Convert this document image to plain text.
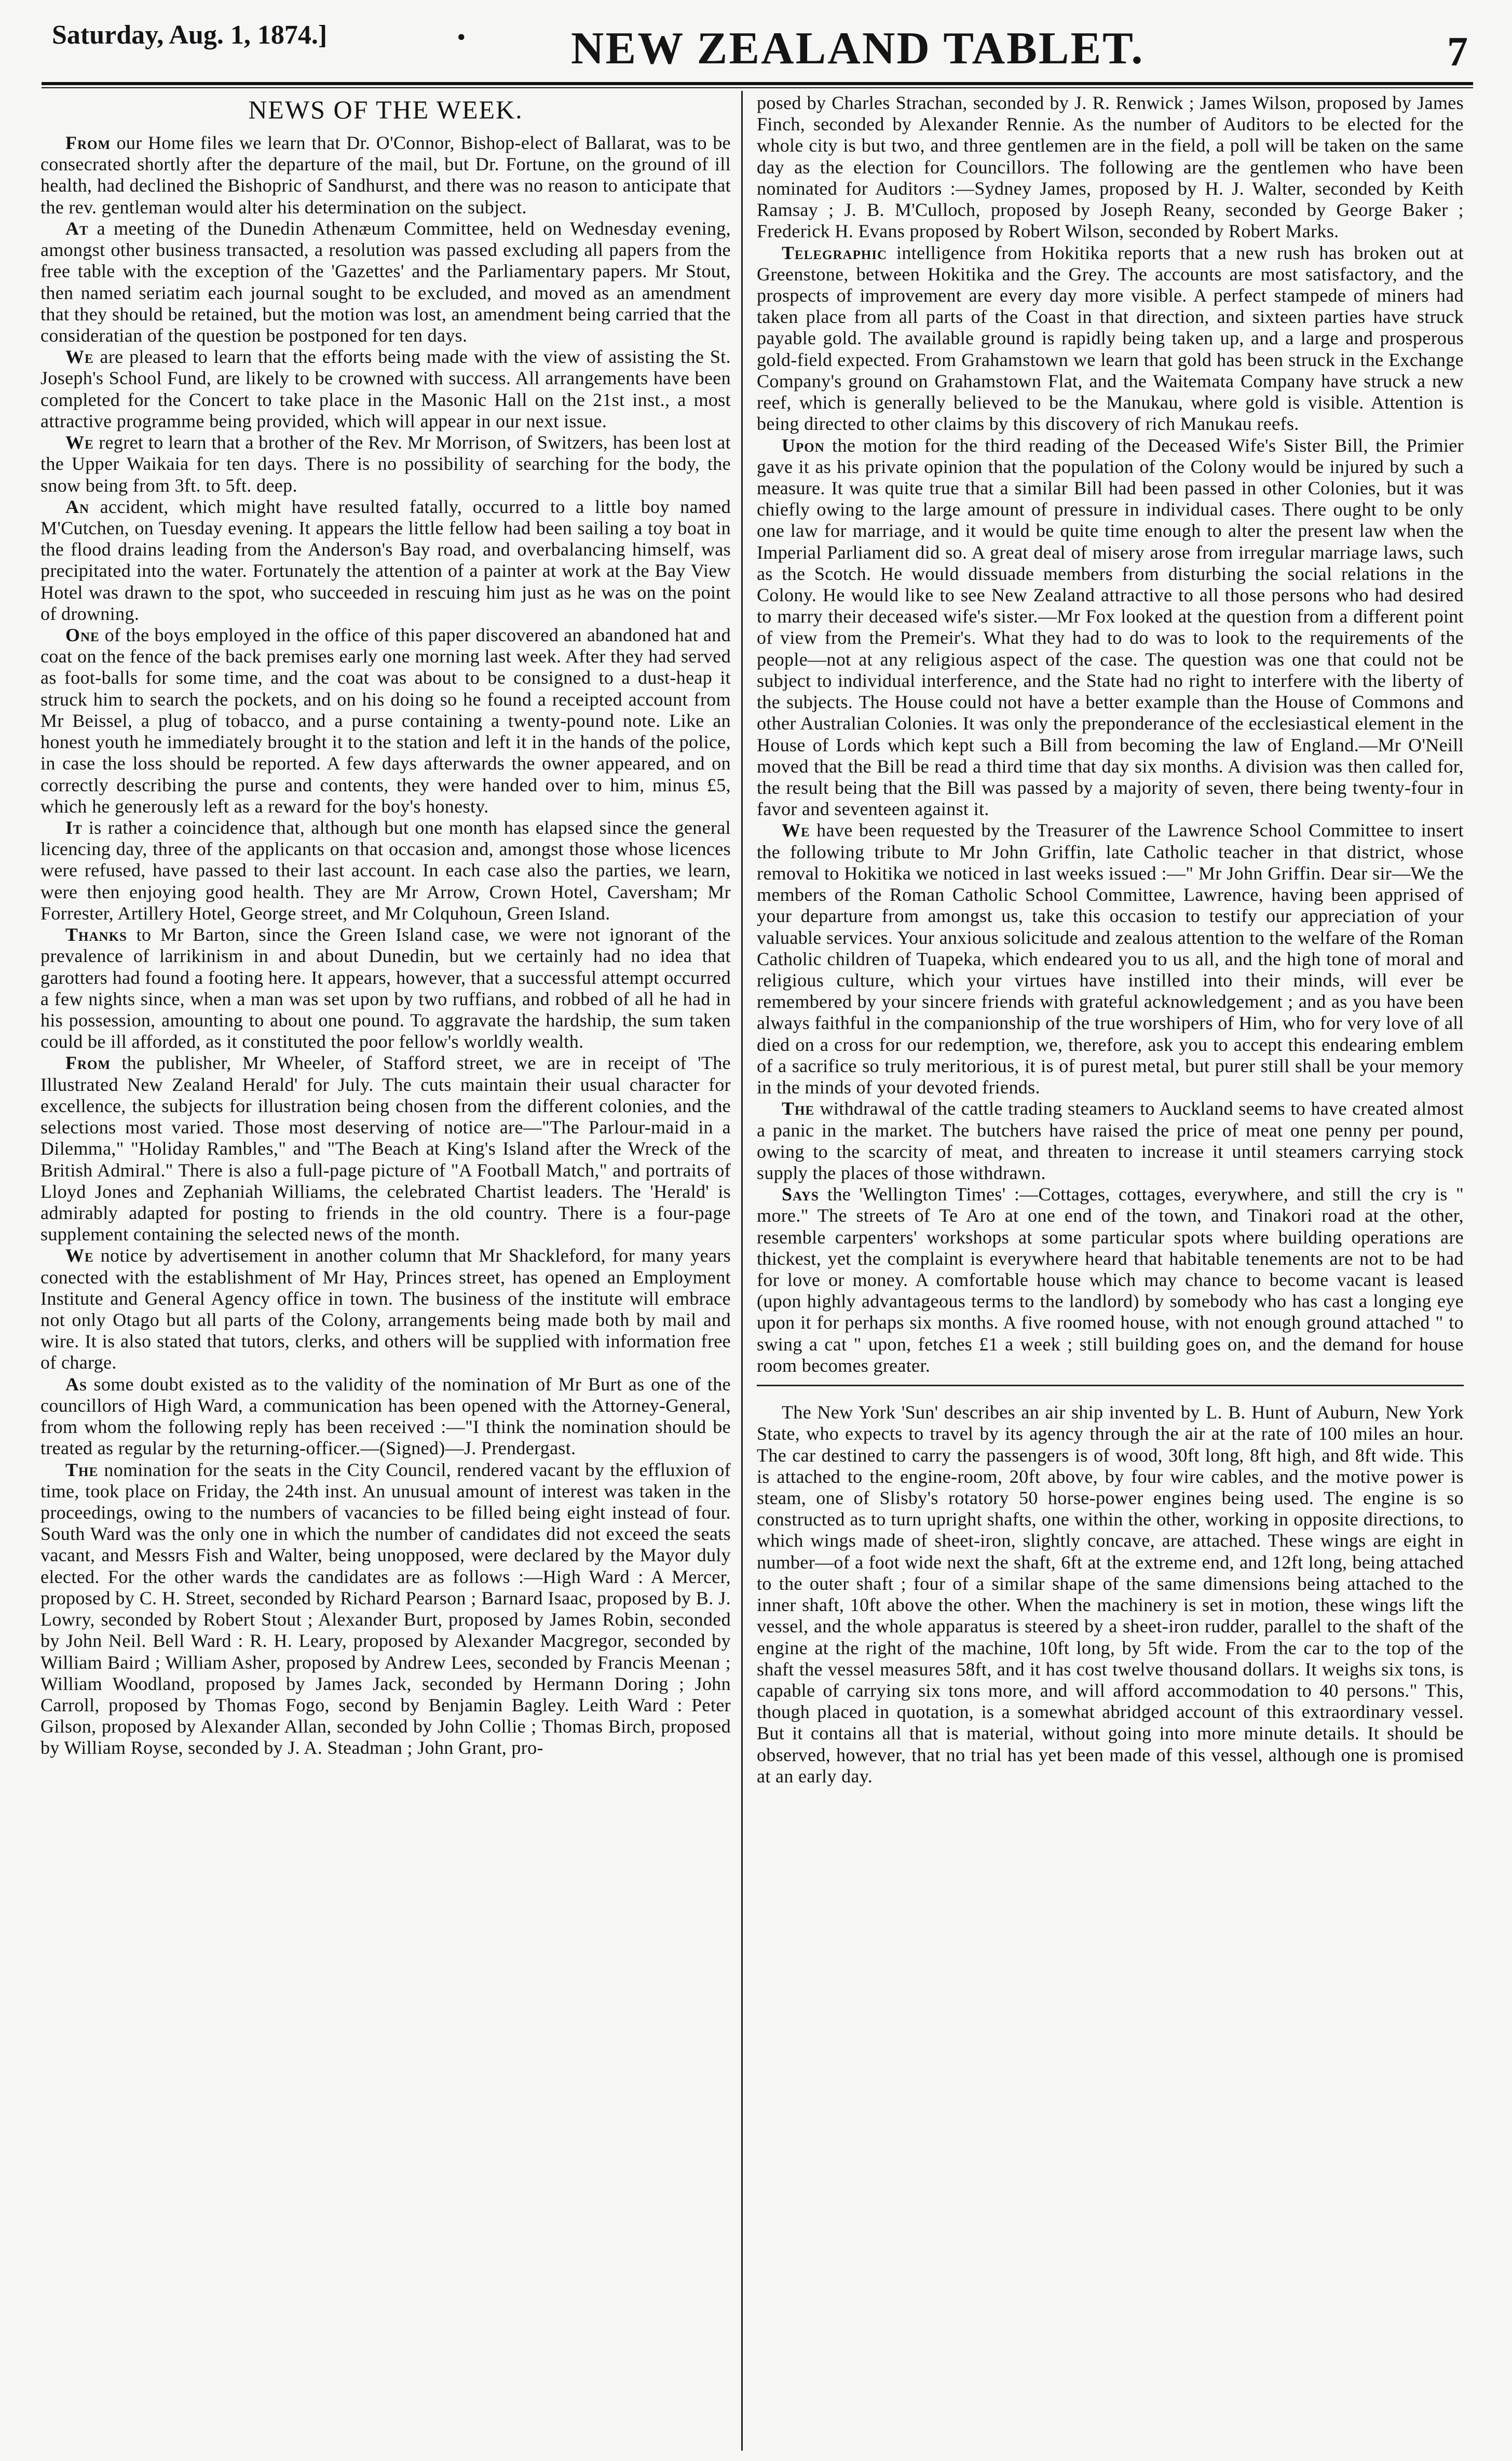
Saturday, Aug. 1, 1874.]	. NEW ZEALAND TABLET.	7
NEWS OF THE WEEK.

From our Home files we learn that Dr. O'Connor, Bishop-elect of Ballarat, was to be consecrated shortly after the departure of the mail, but Dr. Fortune, on the ground of ill health, had declined the Bishopric of Sandhurst, and there was no reason to anticipate that the rev. gentleman would alter his determination on the subject.

At a meeting of the Dunedin Athenæum Committee, held on Wednesday evening, amongst other business transacted, a resolution was passed excluding all papers from the free table with the exception of the 'Gazettes' and the Parliamentary papers. Mr Stout, then named seriatim each journal sought to be excluded, and moved as an amendment that they should be retained, but the motion was lost, an amendment being carried that the consideratian of the question be postponed for ten days.

We are pleased to learn that the efforts being made with the view of assisting the St. Joseph's School Fund, are likely to be crowned with success. All arrangements have been completed for the Concert to take place in the Masonic Hall on the 21st inst., a most attractive programme being provided, which will appear in our next issue.

We regret to learn that a brother of the Rev. Mr Morrison, of Switzers, has been lost at the Upper Waikaia for ten days. There is no possibility of searching for the body, the snow being from 3ft. to 5ft. deep.

An accident, which might have resulted fatally, occurred to a little boy named M'Cutchen, on Tuesday evening. It appears the little fellow had been sailing a toy boat in the flood drains leading from the Anderson's Bay road, and overbalancing himself, was precipitated into the water. Fortunately the attention of a painter at work at the Bay View Hotel was drawn to the spot, who succeeded in rescuing him just as he was on the point of drowning.

One of the boys employed in the office of this paper discovered an abandoned hat and coat on the fence of the back premises early one morning last week. After they had served as foot-balls for some time, and the coat was about to be consigned to a dust-heap it struck him to search the pockets, and on his doing so he found a receipted account from Mr Beissel, a plug of tobacco, and a purse containing a twenty-pound note. Like an honest youth he immediately brought it to the station and left it in the hands of the police, in case the loss should be reported. A few days afterwards the owner appeared, and on correctly describing the purse and contents, they were handed over to him, minus £5, which he generously left as a reward for the boy's honesty.

It is rather a coincidence that, although but one month has elapsed since the general licencing day, three of the applicants on that occasion and, amongst those whose licences were refused, have passed to their last account. In each case also the parties, we learn, were then enjoying good health. They are Mr Arrow, Crown Hotel, Caversham; Mr Forrester, Artillery Hotel, George street, and Mr Colquhoun, Green Island.

Thanks to Mr Barton, since the Green Island case, we were not ignorant of the prevalence of larrikinism in and about Dunedin, but we certainly had no idea that garotters had found a footing here. It appears, however, that a successful attempt occurred a few nights since, when a man was set upon by two ruffians, and robbed of all he had in his possession, amounting to about one pound. To aggravate the hardship, the sum taken could be ill afforded, as it constituted the poor fellow's worldly wealth.

From the publisher, Mr Wheeler, of Stafford street, we are in receipt of 'The Illustrated New Zealand Herald' for July. The cuts maintain their usual character for excellence, the subjects for illustration being chosen from the different colonies, and the selections most varied. Those most deserving of notice are—"The Parlour-maid in a Dilemma," "Holiday Rambles," and "The Beach at King's Island after the Wreck of the British Admiral." There is also a full-page picture of "A Football Match," and portraits of Lloyd Jones and Zephaniah Williams, the celebrated Chartist leaders. The 'Herald' is admirably adapted for posting to friends in the old country. There is a four-page supplement containing the selected news of the month.

We notice by advertisement in another column that Mr Shackleford, for many years conected with the establishment of Mr Hay, Princes street, has opened an Employment Institute and General Agency office in town. The business of the institute will embrace not only Otago but all parts of the Colony, arrangements being made both by mail and wire. It is also stated that tutors, clerks, and others will be supplied with information free of charge.

As some doubt existed as to the validity of the nomination of Mr Burt as one of the councillors of High Ward, a communication has been opened with the Attorney-General, from whom the following reply has been received :—"I think the nomination should be treated as regular by the returning-officer.—(Signed)—J. Prendergast.

The nomination for the seats in the City Council, rendered vacant by the effluxion of time, took place on Friday, the 24th inst. An unusual amount of interest was taken in the proceedings, owing to the numbers of vacancies to be filled being eight instead of four. South Ward was the only one in which the number of candidates did not exceed the seats vacant, and Messrs Fish and Walter, being unopposed, were declared by the Mayor duly elected. For the other wards the candidates are as follows :—High Ward : A Mercer, proposed by C. H. Street, seconded by Richard Pearson ; Barnard Isaac, proposed by B. J. Lowry, seconded by Robert Stout ; Alexander Burt, proposed by James Robin, seconded by John Neil. Bell Ward : R. H. Leary, proposed by Alexander Macgregor, seconded by William Baird ; William Asher, proposed by Andrew Lees, seconded by Francis Meenan ; William Woodland, proposed by James Jack, seconded by Hermann Doring ; John Carroll, proposed by Thomas Fogo, second by Benjamin Bagley. Leith Ward : Peter Gilson, proposed by Alexander Allan, seconded by John Collie ; Thomas Birch, proposed by William Royse, seconded by J. A. Steadman ; John Grant, pro-

posed by Charles Strachan, seconded by J. R. Renwick ; James Wilson, proposed by James Finch, seconded by Alexander Rennie. As the number of Auditors to be elected for the whole city is but two, and three gentlemen are in the field, a poll will be taken on the same day as the election for Councillors. The following are the gentlemen who have been nominated for Auditors :—Sydney James, proposed by H. J. Walter, seconded by Keith Ramsay ; J. B. M'Culloch, proposed by Joseph Reany, seconded by George Baker ; Frederick H. Evans proposed by Robert Wilson, seconded by Robert Marks.

Telegraphic intelligence from Hokitika reports that a new rush has broken out at Greenstone, between Hokitika and the Grey. The accounts are most satisfactory, and the prospects of improvement are every day more visible. A perfect stampede of miners had taken place from all parts of the Coast in that direction, and sixteen parties have struck payable gold. The available ground is rapidly being taken up, and a large and prosperous gold-field expected. From Grahamstown we learn that gold has been struck in the Exchange Company's ground on Grahamstown Flat, and the Waitemata Company have struck a new reef, which is generally believed to be the Manukau, where gold is visible. Attention is being directed to other claims by this discovery of rich Manukau reefs.

Upon the motion for the third reading of the Deceased Wife's Sister Bill, the Primier gave it as his private opinion that the population of the Colony would be injured by such a measure. It was quite true that a similar Bill had been passed in other Colonies, but it was chiefly owing to the large amount of pressure in individual cases. There ought to be only one law for marriage, and it would be quite time enough to alter the present law when the Imperial Parliament did so. A great deal of misery arose from irregular marriage laws, such as the Scotch. He would dissuade members from disturbing the social relations in the Colony. He would like to see New Zealand attractive to all those persons who had desired to marry their deceased wife's sister.—Mr Fox looked at the question from a different point of view from the Premeir's. What they had to do was to look to the requirements of the people—not at any religious aspect of the case. The question was one that could not be subject to individual interference, and the State had no right to interfere with the liberty of the subjects. The House could not have a better example than the House of Commons and other Australian Colonies. It was only the preponderance of the ecclesiastical element in the House of Lords which kept such a Bill from becoming the law of England.—Mr O'Neill moved that the Bill be read a third time that day six months. A division was then called for, the result being that the Bill was passed by a majority of seven, there being twenty-four in favor and seventeen against it.

We have been requested by the Treasurer of the Lawrence School Committee to insert the following tribute to Mr John Griffin, late Catholic teacher in that district, whose removal to Hokitika we noticed in last weeks issued :—" Mr John Griffin. Dear sir—We the members of the Roman Catholic School Committee, Lawrence, having been apprised of your departure from amongst us, take this occasion to testify our appreciation of your valuable services. Your anxious solicitude and zealous attention to the welfare of the Roman Catholic children of Tuapeka, which endeared you to us all, and the high tone of moral and religious culture, which your virtues have instilled into their minds, will ever be remembered by your sincere friends with grateful acknowledgement ; and as you have been always faithful in the companionship of the true worshipers of Him, who for very love of all died on a cross for our redemption, we, therefore, ask you to accept this endearing emblem of a sacrifice so truly meritorious, it is of purest metal, but purer still shall be your memory in the minds of your devoted friends.

The withdrawal of the cattle trading steamers to Auckland seems to have created almost a panic in the market. The butchers have raised the price of meat one penny per pound, owing to the scarcity of meat, and threaten to increase it until steamers carrying stock supply the places of those withdrawn.

Says the 'Wellington Times' :—Cottages, cottages, everywhere, and still the cry is " more." The streets of Te Aro at one end of the town, and Tinakori road at the other, resemble carpenters' workshops at some particular spots where building operations are thickest, yet the complaint is everywhere heard that habitable tenements are not to be had for love or money. A comfortable house which may chance to become vacant is leased (upon highly advantageous terms to the landlord) by somebody who has cast a longing eye upon it for perhaps six months. A five roomed house, with not enough ground attached " to swing a cat " upon, fetches £1 a week ; still building goes on, and the demand for house room becomes greater.

The New York 'Sun' describes an air ship invented by L. B. Hunt of Auburn, New York State, who expects to travel by its agency through the air at the rate of 100 miles an hour. The car destined to carry the passengers is of wood, 30ft long, 8ft high, and 8ft wide. This is attached to the engine-room, 20ft above, by four wire cables, and the motive power is steam, one of Slisby's rotatory 50 horse-power engines being used. The engine is so constructed as to turn upright shafts, one within the other, working in opposite directions, to which wings made of sheet-iron, slightly concave, are attached. These wings are eight in number—of a foot wide next the shaft, 6ft at the extreme end, and 12ft long, being attached to the outer shaft ; four of a similar shape of the same dimensions being attached to the inner shaft, 10ft above the other. When the machinery is set in motion, these wings lift the vessel, and the whole apparatus is steered by a sheet-iron rudder, parallel to the shaft of the engine at the right of the machine, 10ft long, by 5ft wide. From the car to the top of the shaft the vessel measures 58ft, and it has cost twelve thousand dollars. It weighs six tons, is capable of carrying six tons more, and will afford accommodation to 40 persons." This, though placed in quotation, is a somewhat abridged account of this extraordinary vessel. But it contains all that is material, without going into more minute details. It should be observed, however, that no trial has yet been made of this vessel, although one is promised at an early day.
